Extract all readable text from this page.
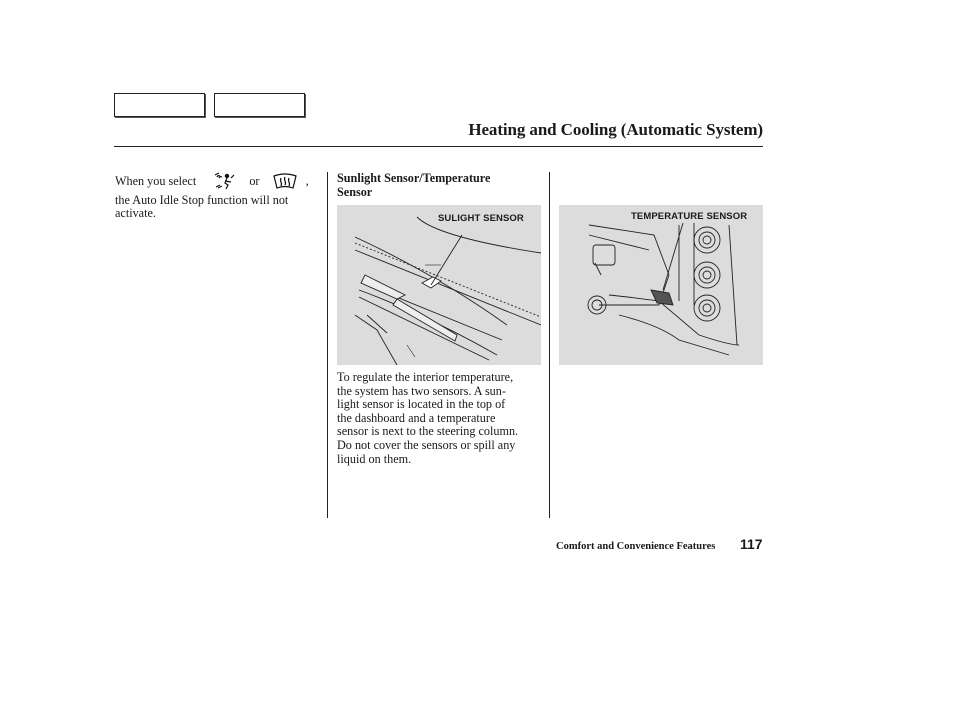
Heating and Cooling (Automatic System)
When you select	or	,
the Auto Idle Stop function will not
activate.
Sunlight Sensor/Temperature
Sensor
SULIGHT SENSOR	TEMPERATURE SENSOR
To regulate the interior temperature,
the system has two sensors. A sun-
light sensor is located in the top of
the dashboard and a temperature
sensor is next to the steering column.
Do not cover the sensors or spill any
liquid on them.
Comfort and Convenience Features 117
